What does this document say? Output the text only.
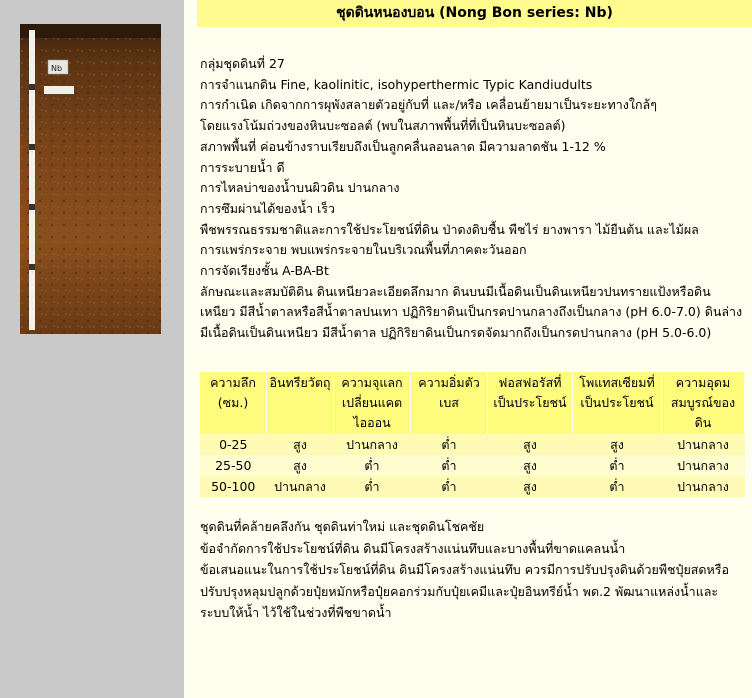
Nb
ชุดดินหนองบอน (Nong Bon series: Nb)
กลุ่มชุดดินที่ 27
การจำแนกดิน Fine, kaolinitic, isohyperthermic Typic Kandiudults
การกำเนิด เกิดจากการผุพังสลายตัวอยู่กับที่ และ/หรือ เคลื่อนย้ายมาเป็นระยะทางใกล้ๆ
โดยแรงโน้มถ่วงของหินบะซอลต์ (พบในสภาพพื้นที่ที่เป็นหินบะซอลต์)
สภาพพื้นที่ ค่อนข้างราบเรียบถึงเป็นลูกคลื่นลอนลาด มีความลาดชัน 1-12 %
การระบายน้ำ ดี
การไหลบ่าของน้ำบนผิวดิน ปานกลาง
การซึมผ่านได้ของน้ำ เร็ว
พืชพรรณธรรมชาติและการใช้ประโยชน์ที่ดิน ป่าดงดิบชื้น พืชไร่ ยางพารา ไม้ยืนต้น และไม้ผล
การแพร่กระจาย พบแพร่กระจายในบริเวณพื้นที่ภาคตะวันออก
การจัดเรียงชั้น A-BA-Bt
ลักษณะและสมบัติดิน ดินเหนียวละเอียดลึกมาก ดินบนมีเนื้อดินเป็นดินเหนียวปนทรายแป้งหรือดินเหนียว มีสีน้ำตาลหรือสีน้ำตาลปนเทา ปฏิกิริยาดินเป็นกรดปานกลางถึงเป็นกลาง (pH 6.0-7.0) ดินล่างมีเนื้อดินเป็นดินเหนียว มีสีน้ำตาล ปฏิกิริยาดินเป็นกรดจัดมากถึงเป็นกรดปานกลาง (pH 5.0-6.0)
ความลึก (ซม.)	อินทรียวัตถุ	ความจุแลกเปลี่ยนแคตไอออน	ความอิ่มตัวเบส	ฟอสฟอรัสที่เป็นประโยชน์	โพแทสเซียมที่เป็นประโยชน์	ความอุดมสมบูรณ์ของดิน
0-25	สูง	ปานกลาง	ต่ำ	สูง	สูง	ปานกลาง
25-50	สูง	ต่ำ	ต่ำ	สูง	ต่ำ	ปานกลาง
50-100	ปานกลาง	ต่ำ	ต่ำ	สูง	ต่ำ	ปานกลาง
ชุดดินที่คล้ายคลึงกัน ชุดดินท่าใหม่ และชุดดินโชคชัย
ข้อจำกัดการใช้ประโยชน์ที่ดิน ดินมีโครงสร้างแน่นทึบและบางพื้นที่ขาดแคลนน้ำ
ข้อเสนอแนะในการใช้ประโยชน์ที่ดิน ดินมีโครงสร้างแน่นทึบ ควรมีการปรับปรุงดินด้วยพืชปุ๋ยสดหรือปรับปรุงหลุมปลูกด้วยปุ๋ยหมักหรือปุ๋ยคอกร่วมกับปุ๋ยเคมีและปุ๋ยอินทรีย์น้ำ พด.2 พัฒนาแหล่งน้ำและระบบให้น้ำ ไว้ใช้ในช่วงที่พืชขาดน้ำ
